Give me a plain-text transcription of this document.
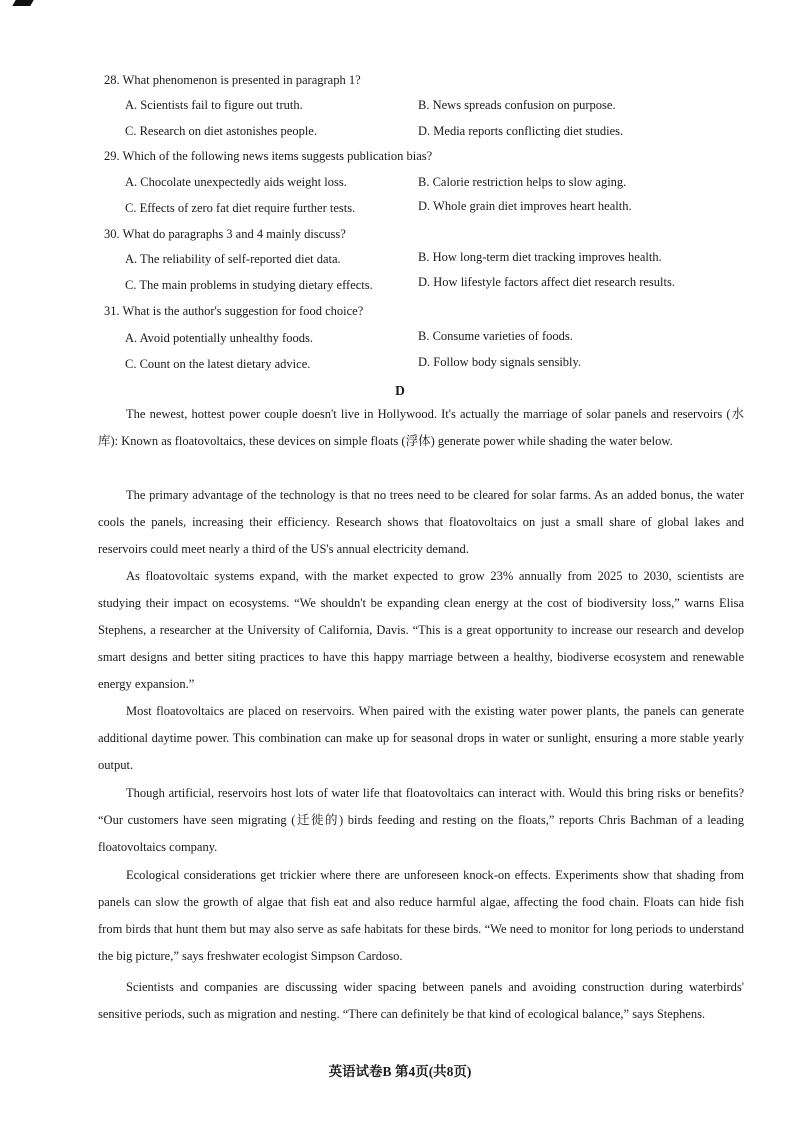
28. What phenomenon is presented in paragraph 1?
A. Scientists fail to figure out truth.	B. News spreads confusion on purpose.
C. Research on diet astonishes people.	D. Media reports conflicting diet studies.
29. Which of the following news items suggests publication bias?
A. Chocolate unexpectedly aids weight loss.	B. Calorie restriction helps to slow aging.
C. Effects of zero fat diet require further tests.	D. Whole grain diet improves heart health.
30. What do paragraphs 3 and 4 mainly discuss?
A. The reliability of self-reported diet data.	B. How long-term diet tracking improves health.
C. The main problems in studying dietary effects.	D. How lifestyle factors affect diet research results.
31. What is the author's suggestion for food choice?
A. Avoid potentially unhealthy foods.	B. Consume varieties of foods.
C. Count on the latest dietary advice.	D. Follow body signals sensibly.
D
The newest, hottest power couple doesn't live in Hollywood. It's actually the marriage of solar panels and reservoirs (水库): Known as floatovoltaics, these devices on simple floats (浮体) generate power while shading the water below.
The primary advantage of the technology is that no trees need to be cleared for solar farms. As an added bonus, the water cools the panels, increasing their efficiency. Research shows that floatovoltaics on just a small share of global lakes and reservoirs could meet nearly a third of the US's annual electricity demand.
As floatovoltaic systems expand, with the market expected to grow 23% annually from 2025 to 2030, scientists are studying their impact on ecosystems. “We shouldn't be expanding clean energy at the cost of biodiversity loss,” warns Elisa Stephens, a researcher at the University of California, Davis. “This is a great opportunity to increase our research and develop smart designs and better siting practices to have this happy marriage between a healthy, biodiverse ecosystem and renewable energy expansion.”
Most floatovoltaics are placed on reservoirs. When paired with the existing water power plants, the panels can generate additional daytime power. This combination can make up for seasonal drops in water or sunlight, ensuring a more stable yearly output.
Though artificial, reservoirs host lots of water life that floatovoltaics can interact with. Would this bring risks or benefits? “Our customers have seen migrating (迁徙的) birds feeding and resting on the floats,” reports Chris Bachman of a leading floatovoltaics company.
Ecological considerations get trickier where there are unforeseen knock-on effects. Experiments show that shading from panels can slow the growth of algae that fish eat and also reduce harmful algae, affecting the food chain. Floats can hide fish from birds that hunt them but may also serve as safe habitats for these birds. “We need to monitor for long periods to understand the big picture,” says freshwater ecologist Simpson Cardoso.
Scientists and companies are discussing wider spacing between panels and avoiding construction during waterbirds' sensitive periods, such as migration and nesting. “There can definitely be that kind of ecological balance,” says Stephens.
英语试卷B 第4页(共8页)
